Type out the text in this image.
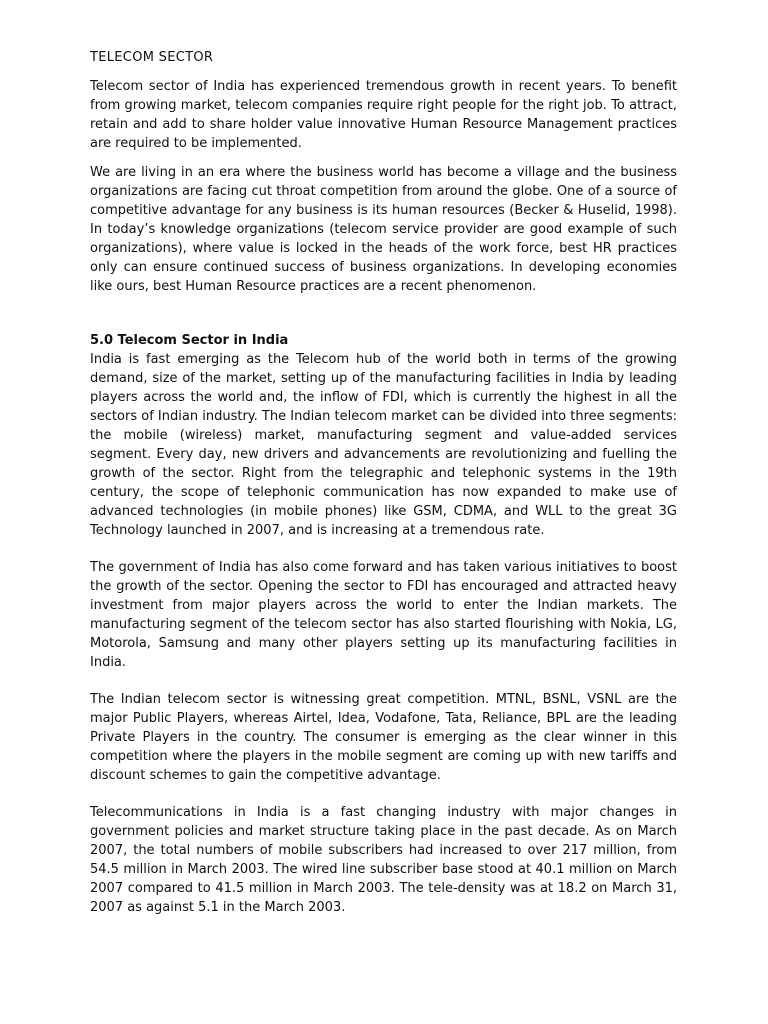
TELECOM SECTOR

Telecom sector of India has experienced tremendous growth in recent years. To benefit from growing market, telecom companies require right people for the right job. To attract, retain and add to share holder value innovative Human Resource Management practices are required to be implemented.

We are living in an era where the business world has become a village and the business organizations are facing cut throat competition from around the globe. One of a source of competitive advantage for any business is its human resources (Becker & Huselid, 1998). In today’s knowledge organizations (telecom service provider are good example of such organizations), where value is locked in the heads of the work force, best HR practices only can ensure continued success of business organizations. In developing economies like ours, best Human Resource practices are a recent phenomenon.

5.0 Telecom Sector in India

India is fast emerging as the Telecom hub of the world both in terms of the growing demand, size of the market, setting up of the manufacturing facilities in India by leading players across the world and, the inflow of FDI, which is currently the highest in all the sectors of Indian industry. The Indian telecom market can be divided into three segments: the mobile (wireless) market, manufacturing segment and value-added services segment. Every day, new drivers and advancements are revolutionizing and fuelling the growth of the sector. Right from the telegraphic and telephonic systems in the 19th century, the scope of telephonic communication has now expanded to make use of advanced technologies (in mobile phones) like GSM, CDMA, and WLL to the great 3G Technology launched in 2007, and is increasing at a tremendous rate.

The government of India has also come forward and has taken various initiatives to boost the growth of the sector. Opening the sector to FDI has encouraged and attracted heavy investment from major players across the world to enter the Indian markets. The manufacturing segment of the telecom sector has also started flourishing with Nokia, LG, Motorola, Samsung and many other players setting up its manufacturing facilities in India.

The Indian telecom sector is witnessing great competition. MTNL, BSNL, VSNL are the major Public Players, whereas Airtel, Idea, Vodafone, Tata, Reliance, BPL are the leading Private Players in the country. The consumer is emerging as the clear winner in this competition where the players in the mobile segment are coming up with new tariffs and discount schemes to gain the competitive advantage.

Telecommunications in India is a fast changing industry with major changes in government policies and market structure taking place in the past decade. As on March 2007, the total numbers of mobile subscribers had increased to over 217 million, from 54.5 million in March 2003. The wired line subscriber base stood at 40.1 million on March 2007 compared to 41.5 million in March 2003. The tele-density was at 18.2 on March 31, 2007 as against 5.1 in the March 2003.
